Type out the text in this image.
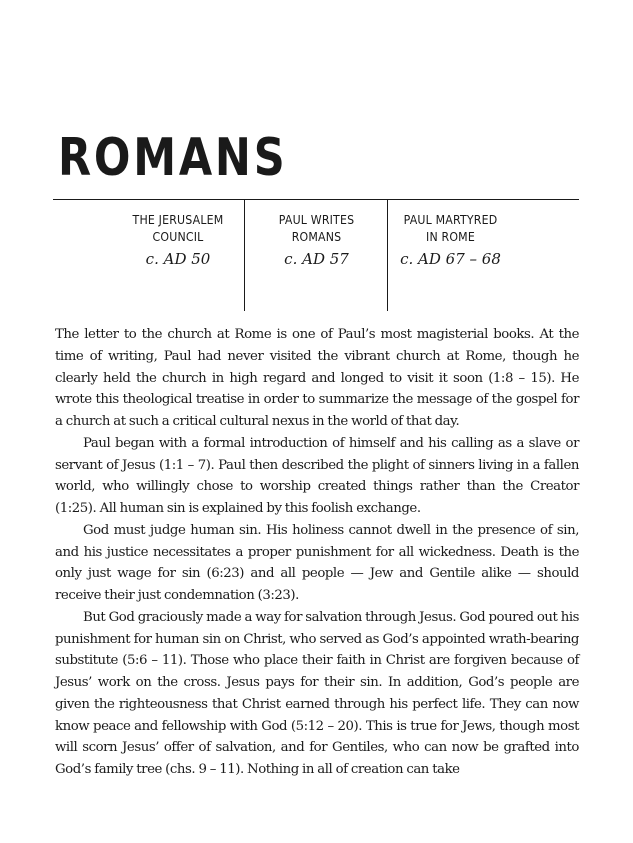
ROMANS
THE JERUSALEM
COUNCIL
c. AD 50
PAUL WRITES
ROMANS
c. AD 57
PAUL MARTYRED
IN ROME
c. AD 67 – 68

The letter to the church at Rome is one of Paul’s most magisterial books. At the time of writing, Paul had never visited the vibrant church at Rome, though he clearly held the church in high regard and longed to visit it soon (1:8 – 15). He wrote this theological treatise in order to summarize the message of the gospel for a church at such a critical cultural nexus in the world of that day.

Paul began with a formal introduction of himself and his calling as a slave or servant of Jesus (1:1 – 7). Paul then described the plight of sinners living in a fallen world, who willingly chose to worship created things rather than the Creator (1:25). All human sin is explained by this foolish exchange.

God must judge human sin. His holiness cannot dwell in the presence of sin, and his justice necessitates a proper punishment for all wickedness. Death is the only just wage for sin (6:23) and all people — Jew and Gentile alike — should receive their just condemnation (3:23).

But God graciously made a way for salvation through Jesus. God poured out his punishment for human sin on Christ, who served as God’s appointed wrath-bearing substitute (5:6 – 11). Those who place their faith in Christ are forgiven because of Jesus’ work on the cross. Jesus pays for their sin. In addition, God’s people are given the righteousness that Christ earned through his perfect life. They can now know peace and fellowship with God (5:12 – 20). This is true for Jews, though most will scorn Jesus’ offer of salvation, and for Gentiles, who can now be grafted into God’s family tree (chs. 9 – 11). Nothing in all of creation can take
